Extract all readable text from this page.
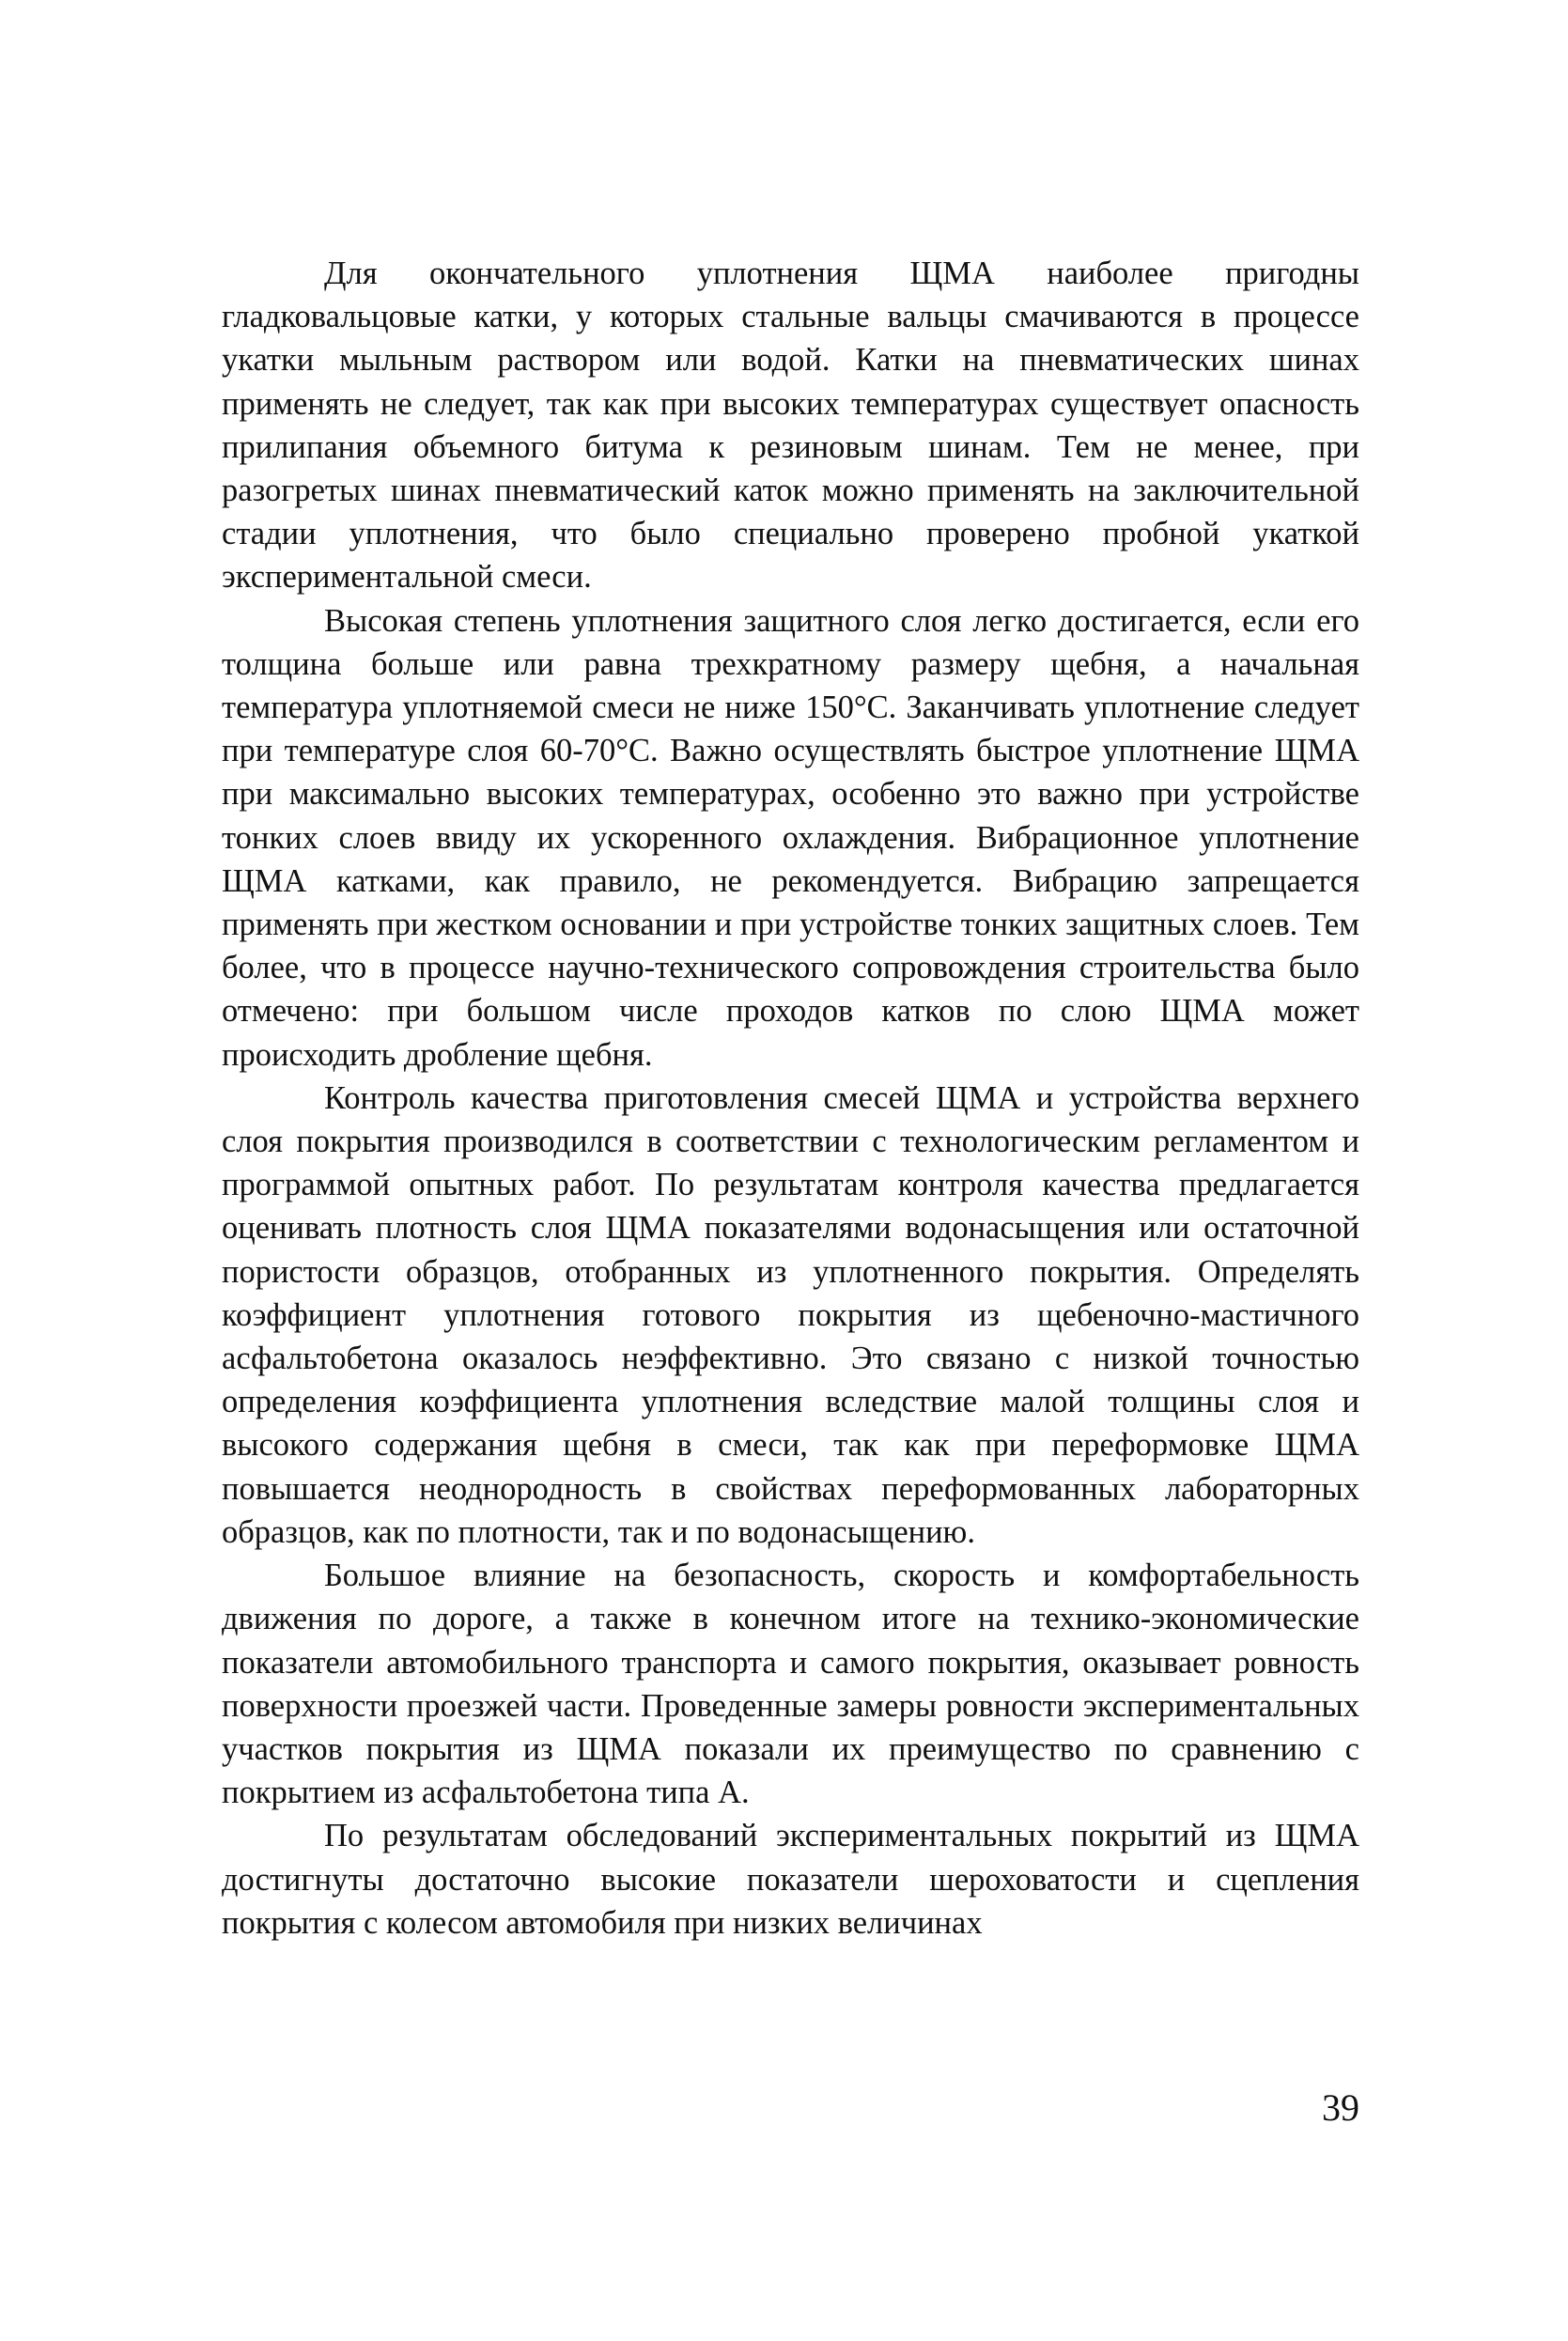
Для окончательного уплотнения ЩМА наиболее пригодны гладковальцовые катки, у которых стальные вальцы смачиваются в процессе укатки мыльным раствором или водой. Катки на пневматических шинах применять не следует, так как при высоких температурах существует опасность прилипания объемного битума к резиновым шинам. Тем не менее, при разогретых шинах пневматический каток можно применять на заключительной стадии уплотнения, что было специально проверено пробной укаткой экспериментальной смеси.

Высокая степень уплотнения защитного слоя легко достигается, если его толщина больше или равна трехкратному размеру щебня, а начальная температура уплотняемой смеси не ниже 150°С. Заканчивать уплотнение следует при температуре слоя 60-70°С. Важно осуществлять быстрое уплотнение ЩМА при максимально высоких температурах, особенно это важно при устройстве тонких слоев ввиду их ускоренного охлаждения. Вибрационное уплотнение ЩМА катками, как правило, не рекомендуется. Вибрацию запрещается применять при жестком основании и при устройстве тонких защитных слоев. Тем более, что в процессе научно-технического сопровождения строительства было отмечено: при большом числе проходов катков по слою ЩМА может происходить дробление щебня.

Контроль качества приготовления смесей ЩМА и устройства верхнего слоя покрытия производился в соответствии с технологическим регламентом и программой опытных работ. По результатам контроля качества предлагается оценивать плотность слоя ЩМА показателями водонасыщения или остаточной пористости образцов, отобранных из уплотненного покрытия. Определять коэффициент уплотнения готового покрытия из щебеночно-мастичного асфальтобетона оказалось неэффективно. Это связано с низкой точностью определения коэффициента уплотнения вследствие малой толщины слоя и высокого содержания щебня в смеси, так как при переформовке ЩМА повышается неоднородность в свойствах переформованных лабораторных образцов, как по плотности, так и по водонасыщению.

Большое влияние на безопасность, скорость и комфортабельность движения по дороге, а также в конечном итоге на технико-экономические показатели автомобильного транспорта и самого покрытия, оказывает ровность поверхности проезжей части. Проведенные замеры ровности экспериментальных участков покрытия из ЩМА показали их преимущество по сравнению с покрытием из асфальтобетона типа А.

По результатам обследований экспериментальных покрытий из ЩМА достигнуты достаточно высокие показатели шероховатости и сцепления покрытия с колесом автомобиля при низких величинах

39
